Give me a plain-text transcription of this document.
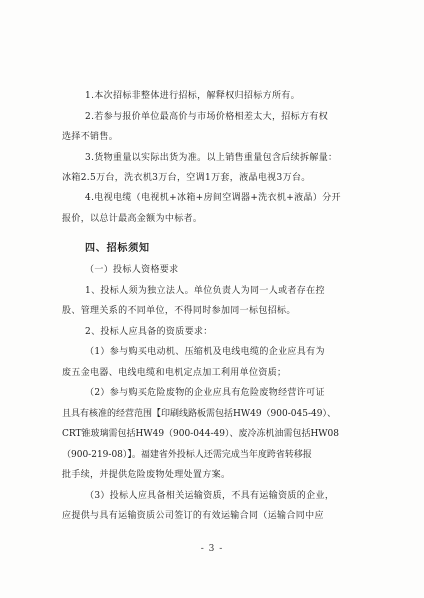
1.本次招标非整体进行招标，解释权归招标方所有。
2.若参与报价单位最高价与市场价格相差太大，招标方有权
选择不销售。
3.货物重量以实际出货为准。以上销售重量包含后续拆解量：
冰箱2.5万台，洗衣机3万台，空调1万套，液晶电视3万台。
4.电视电缆（电视机+冰箱+房间空调器+洗衣机+液晶）分开
报价，以总计最高金额为中标者。
四、招标须知
（一）投标人资格要求
1、投标人须为独立法人。单位负责人为同一人或者存在控
股、管理关系的不同单位，不得同时参加同一标包招标。
2、投标人应具备的资质要求：
（1）参与购买电动机、压缩机及电线电缆的企业应具有为
废五金电器、电线电缆和电机定点加工利用单位资质；
（2）参与购买危险废物的企业应具有危险废物经营许可证
且具有核准的经营范围【印刷线路板需包括HW49（900-045-49）、
CRT锥玻璃需包括HW49（900-044-49）、废冷冻机油需包括HW08
（900-219-08）】。福建省外投标人还需完成当年度跨省转移报
批手续，并提供危险废物处理处置方案。
（3）投标人应具备相关运输资质，不具有运输资质的企业，
应提供与具有运输资质公司签订的有效运输合同（运输合同中应
- 3 -
